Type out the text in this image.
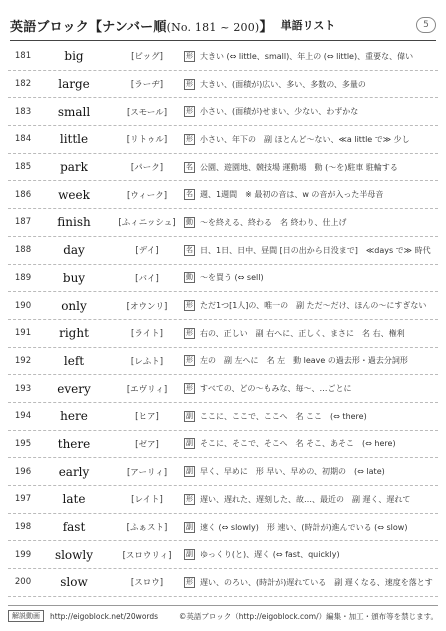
英語ブロック【ナンバー順(No. 181 ~ 200)】 単語リスト	5
181	big	[ビッグ]	形 大きい (⇔ little、small)、年上の (⇔ little)、重要な、偉い
182	large	[ラーヂ]	形 大きい、(面積が)広い、多い、多数の、多量の
183	small	[スモール]	形 小さい、(面積が)せまい、少ない、わずかな
184	little	[リトゥル]	形 小さい、年下の　副 ほとんど～ない、≪a little で≫ 少し
185	park	[パーク]	名 公園、遊園地、競技場 運動場　動 (～を)駐車 駐輪する
186	week	[ウィーク]	名 週、1週間　※ 最初の音は、w の音が入った半母音
187	finish	[ふィニッシュ]	動 ～を終える、終わる　名 終わり、仕上げ
188	day	[デイ]	名 日、1日、日中、昼間 [日の出から日没まで]　≪days で≫ 時代
189	buy	[バイ]	動 ～を買う (⇔ sell)
190	only	[オウンリ]	形 ただ1つ[1人]の、唯一の　副 ただ～だけ、ほんの～にすぎない
191	right	[ライト]	形 右の、正しい　副 右へに、正しく、まさに　名 右、権利
192	left	[レふト]	形 左の　副 左へに　名 左　動 leave の過去形・過去分詞形
193	every	[エヴリィ]	形 すべての、どの～もみな、毎～、…ごとに
194	here	[ヒア]	副 ここに、ここで、ここへ　名 ここ　(⇔ there)
195	there	[ゼア]	副 そこに、そこで、そこへ　名 そこ、あそこ　(⇔ here)
196	early	[アーリィ]	副 早く、早めに　形 早い、早めの、初期の　(⇔ late)
197	late	[レイト]	形 遅い、遅れた、遅刻した、故…、最近の　副 遅く、遅れて
198	fast	[ふぁスト]	副 速く (⇔ slowly)　形 速い、(時計が)進んでいる (⇔ slow)
199	slowly	[スロウリィ]	副 ゆっくり(と)、遅く (⇔ fast、quickly)
200	slow	[スロウ]	形 遅い、のろい、(時計が)遅れている　副 遅くなる、速度を落とす
解説動画	http://eigoblock.net/20words	©英語ブロック（http://eigoblock.com/）編集・加工・頒布等を禁じます。
